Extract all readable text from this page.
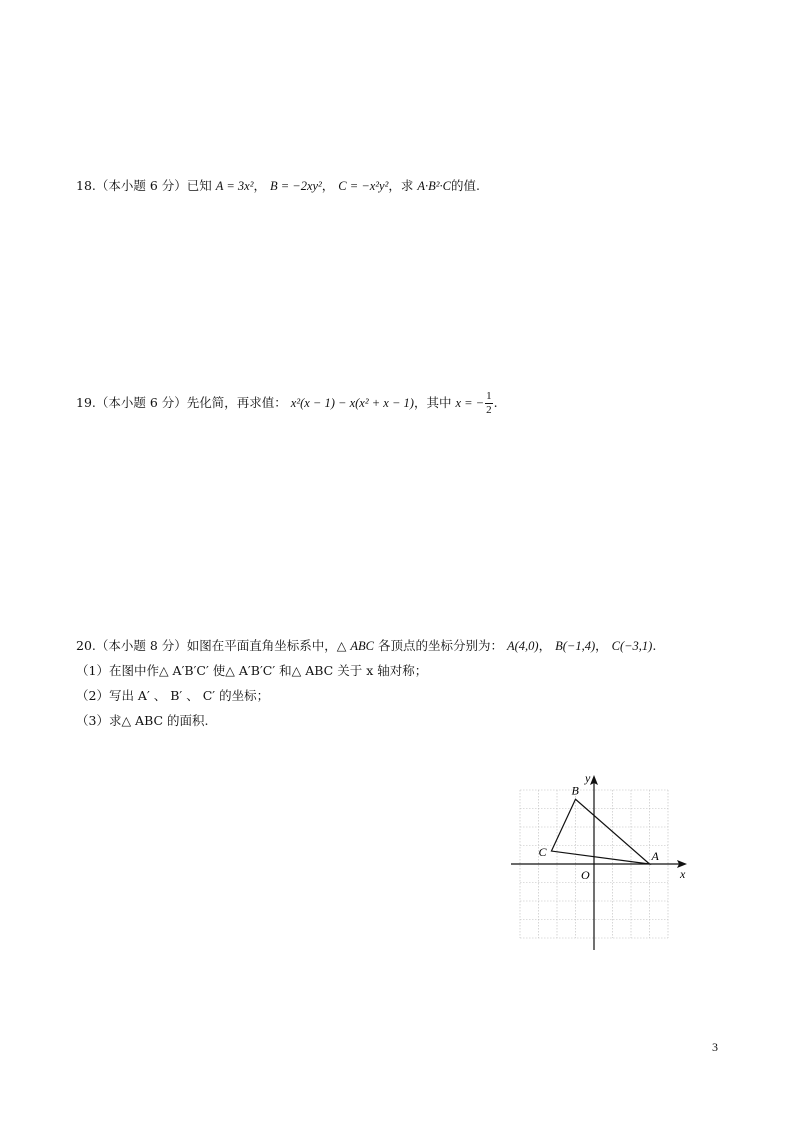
18.（本小题 6 分）已知 A = 3x²， B = −2xy²， C = −x²y²，求 A·B²·C的值.
19.（本小题 6 分）先化简，再求值： x²(x − 1) − x(x² + x − 1)，其中 x = − $\frac{1}{2}$ .
20.（本小题 8 分）如图在平面直角坐标系中，△ ABC 各顶点的坐标分别为： A(4,0)， B(−1,4)， C(−3,1).
（1）在图中作△ A′B′C′ 使△ A′B′C′ 和△ ABC 关于 x 轴对称；
（2）写出 A′ 、 B′ 、 C′ 的坐标；
（3）求△ ABC 的面积.
x
y
O
A
B
C
3
